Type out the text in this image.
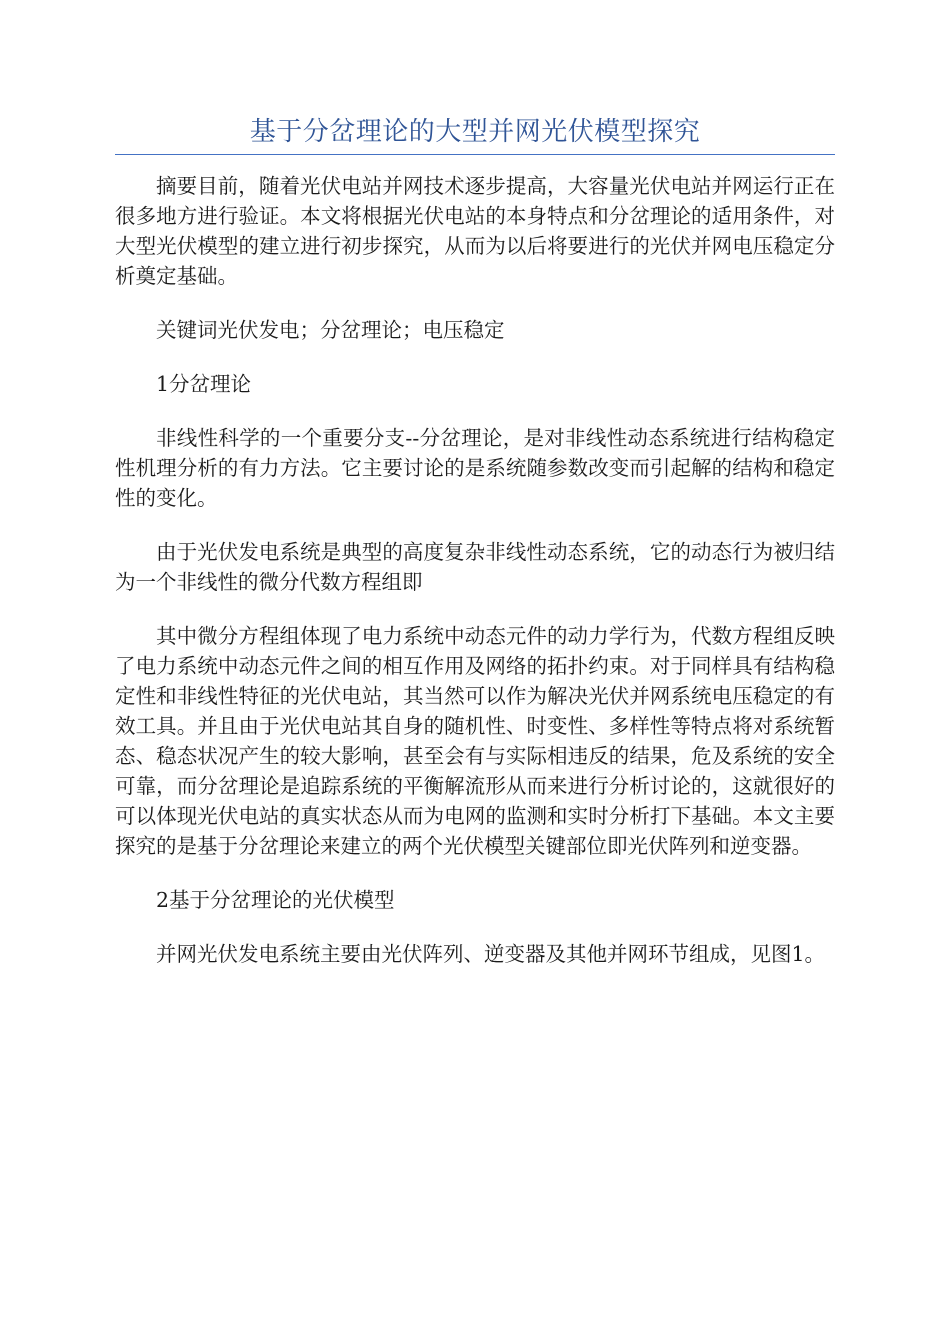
基于分岔理论的大型并网光伏模型探究

摘要目前，随着光伏电站并网技术逐步提高，大容量光伏电站并网运行正在很多地方进行验证。本文将根据光伏电站的本身特点和分岔理论的适用条件，对大型光伏模型的建立进行初步探究，从而为以后将要进行的光伏并网电压稳定分析奠定基础。

关键词光伏发电；分岔理论；电压稳定

1分岔理论

非线性科学的一个重要分支--分岔理论，是对非线性动态系统进行结构稳定性机理分析的有力方法。它主要讨论的是系统随参数改变而引起解的结构和稳定性的变化。

由于光伏发电系统是典型的高度复杂非线性动态系统，它的动态行为被归结为一个非线性的微分代数方程组即

其中微分方程组体现了电力系统中动态元件的动力学行为，代数方程组反映了电力系统中动态元件之间的相互作用及网络的拓扑约束。对于同样具有结构稳定性和非线性特征的光伏电站，其当然可以作为解决光伏并网系统电压稳定的有效工具。并且由于光伏电站其自身的随机性、时变性、多样性等特点将对系统暂态、稳态状况产生的较大影响，甚至会有与实际相违反的结果，危及系统的安全可靠，而分岔理论是追踪系统的平衡解流形从而来进行分析讨论的，这就很好的可以体现光伏电站的真实状态从而为电网的监测和实时分析打下基础。本文主要探究的是基于分岔理论来建立的两个光伏模型关键部位即光伏阵列和逆变器。

2基于分岔理论的光伏模型

并网光伏发电系统主要由光伏阵列、逆变器及其他并网环节组成，见图1。
